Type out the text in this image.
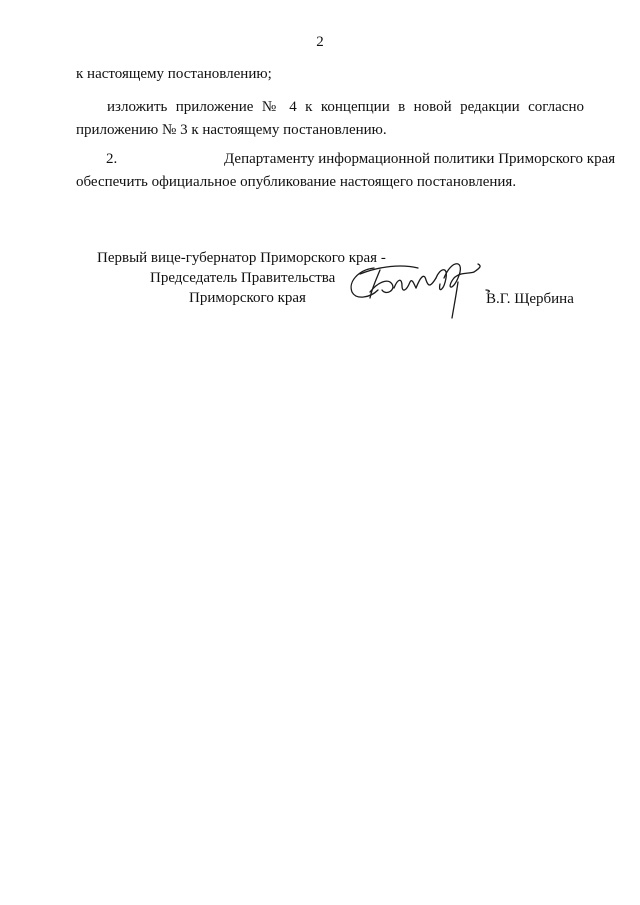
2
к настоящему постановлению;
изложить приложение № 4 к концепции в новой редакции согласно
приложению № 3 к настоящему постановлению.
2.	Департаменту информационной политики Приморского края
обеспечить официальное опубликование настоящего постановления.
Первый вице-губернатор Приморского края -
Председатель Правительства
Приморского края	В.Г. Щербина
